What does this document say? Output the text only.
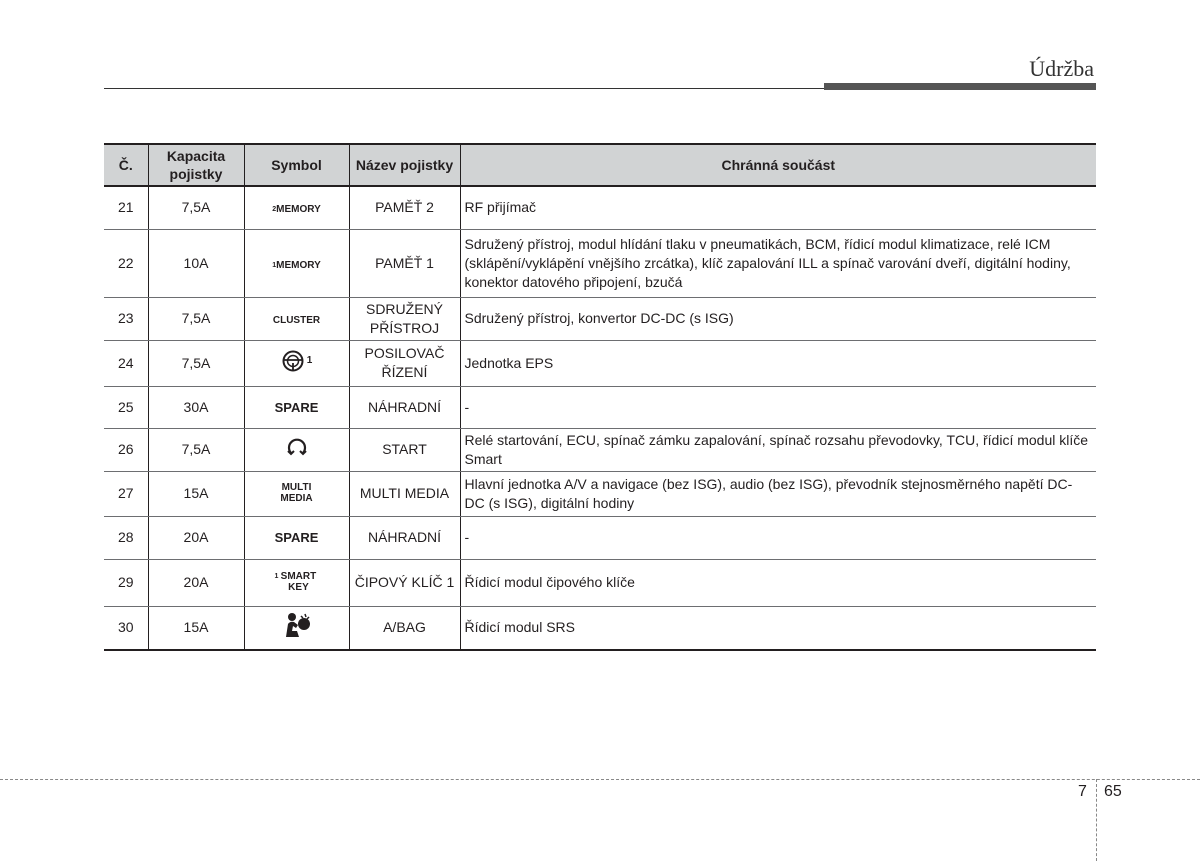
Údržba
Č.	Kapacita pojistky	Symbol	Název pojistky	Chránná součást
21	7,5A	$^2$MEMORY	PAMĚŤ 2	RF přijímač
22	10A	$^1$MEMORY	PAMĚŤ 1	Sdružený přístroj, modul hlídání tlaku v pneumatikách, BCM, řídicí modul klimatizace, relé ICM (sklápění/vyklápění vnějšího zrcátka), klíč zapalování ILL a spínač varování dveří, digitální hodiny, konektor datového připojení, bzučá
23	7,5A	CLUSTER	SDRUŽENÝ PŘÍSTROJ	Sdružený přístroj, konvertor DC-DC (s ISG)
24	7,5A	1	POSILOVAČ ŘÍZENÍ	Jednotka EPS
25	30A	SPARE	NÁHRADNÍ	-
26	7,5A		START	Relé startování, ECU, spínač zámku zapalování, spínač rozsahu převodovky, TCU, řídicí modul klíče Smart
27	15A	MULTI MEDIA	MULTI MEDIA	Hlavní jednotka A/V a navigace (bez ISG), audio (bez ISG), převodník stejnosměrného napětí DC-DC (s ISG), digitální hodiny
28	20A	SPARE	NÁHRADNÍ	-
29	20A	$^1$ SMART KEY	ČIPOVÝ KLÍČ 1	Řídicí modul čipového klíče
30	15A		A/BAG	Řídicí modul SRS
7 65
